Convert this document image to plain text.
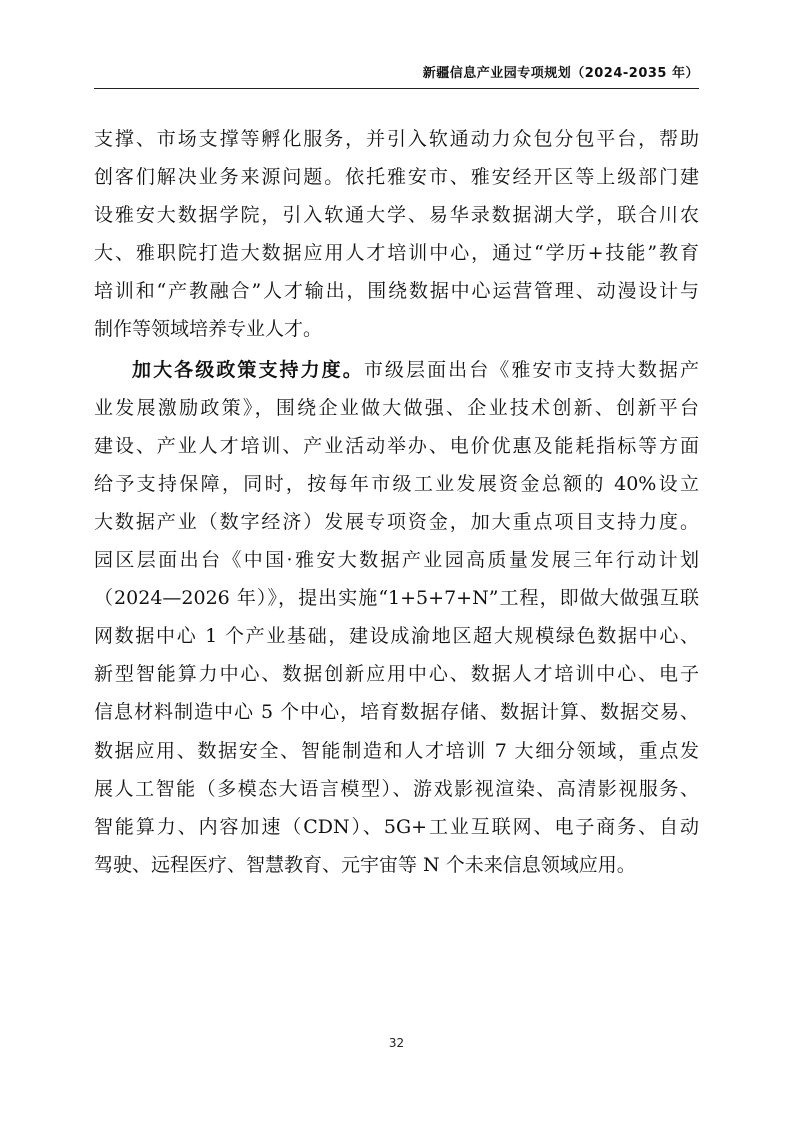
新疆信息产业园专项规划（2024-2035 年）
支撑、市场支撑等孵化服务，并引入软通动力众包分包平台，帮助
创客们解决业务来源问题。依托雅安市、雅安经开区等上级部门建
设雅安大数据学院，引入软通大学、易华录数据湖大学，联合川农
大、雅职院打造大数据应用人才培训中心，通过“学历+技能”教育
培训和“产教融合”人才输出，围绕数据中心运营管理、动漫设计与
制作等领域培养专业人才。
加大各级政策支持力度。市级层面出台《雅安市支持大数据产
业发展激励政策》，围绕企业做大做强、企业技术创新、创新平台
建设、产业人才培训、产业活动举办、电价优惠及能耗指标等方面
给予支持保障，同时，按每年市级工业发展资金总额的 40%设立
大数据产业（数字经济）发展专项资金，加大重点项目支持力度。
园区层面出台《中国·雅安大数据产业园高质量发展三年行动计划
（2024—2026 年）》，提出实施“1+5+7+N”工程，即做大做强互联
网数据中心 1 个产业基础，建设成渝地区超大规模绿色数据中心、
新型智能算力中心、数据创新应用中心、数据人才培训中心、电子
信息材料制造中心 5 个中心，培育数据存储、数据计算、数据交易、
数据应用、数据安全、智能制造和人才培训 7 大细分领域，重点发
展人工智能（多模态大语言模型）、游戏影视渲染、高清影视服务、
智能算力、内容加速（CDN）、5G+工业互联网、电子商务、自动
驾驶、远程医疗、智慧教育、元宇宙等 N 个未来信息领域应用。
32
